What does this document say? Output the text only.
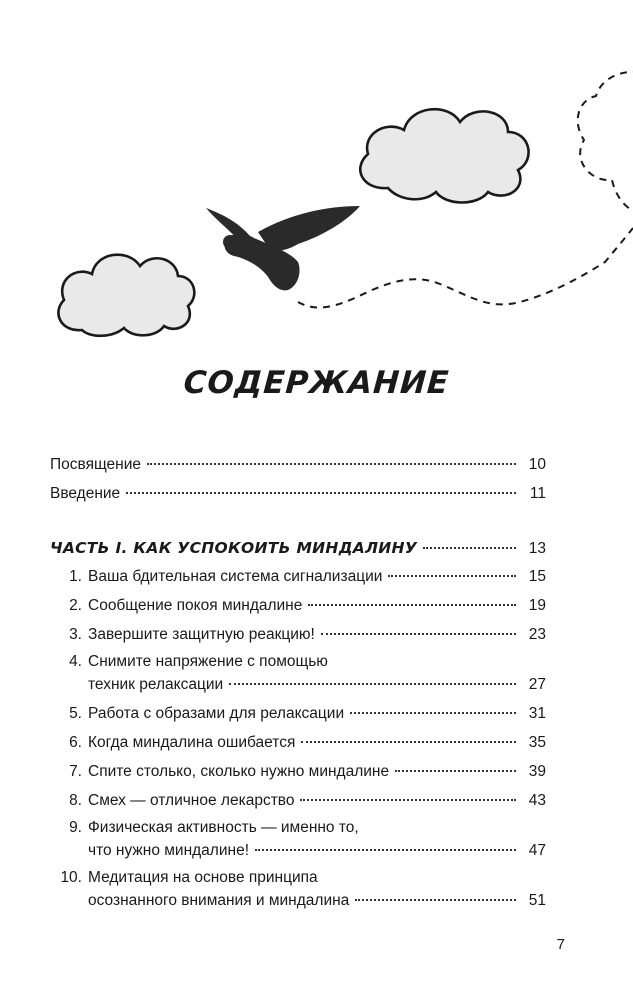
СОДЕРЖАНИЕ
Посвящение	10
Введение	11
ЧАСТЬ I. КАК УСПОКОИТЬ МИНДАЛИНУ	13
1. Ваша бдительная система сигнализации	15
2. Сообщение покоя миндалине	19
3. Завершите защитную реакцию!	23
4. Снимите напряжение с помощью
техник релаксации	27
5. Работа с образами для релаксации	31
6. Когда миндалина ошибается	35
7. Спите столько, сколько нужно миндалине	39
8. Смех — отличное лекарство	43
9. Физическая активность — именно то,
что нужно миндалине!	47
10. Медитация на основе принципа
осознанного внимания и миндалина	51
7
